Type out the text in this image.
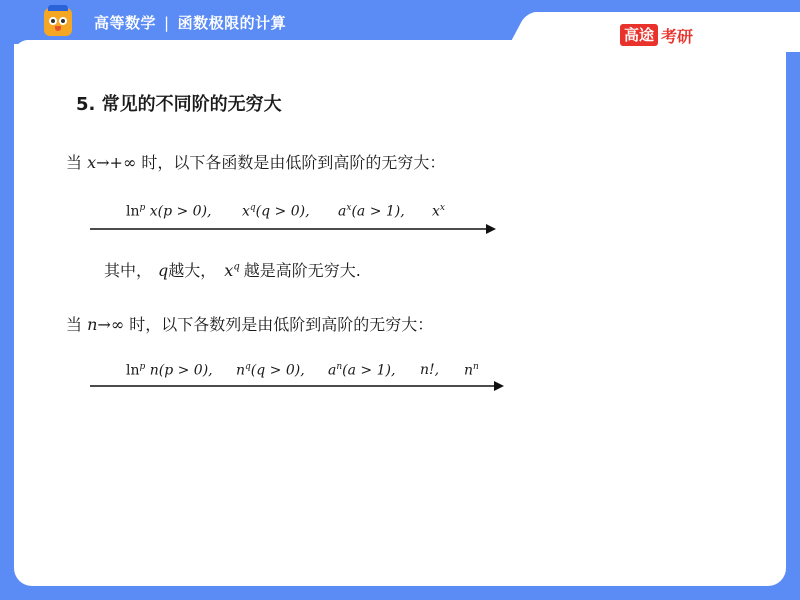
高等数学 | 函数极限的计算
高途 考研
5. 常见的不同阶的无穷大
当 x→+∞ 时，以下各函数是由低阶到高阶的无穷大：
$\ln^p x(p > 0)$, $x^q(q > 0)$, $a^x(a > 1)$, $x^x$
其中， q越大， $x^q$ 越是高阶无穷大.
当 n→∞ 时，以下各数列是由低阶到高阶的无穷大：
$\ln^p n(p > 0)$, $n^q(q > 0)$, $a^n(a > 1)$, n!, $n^n$
